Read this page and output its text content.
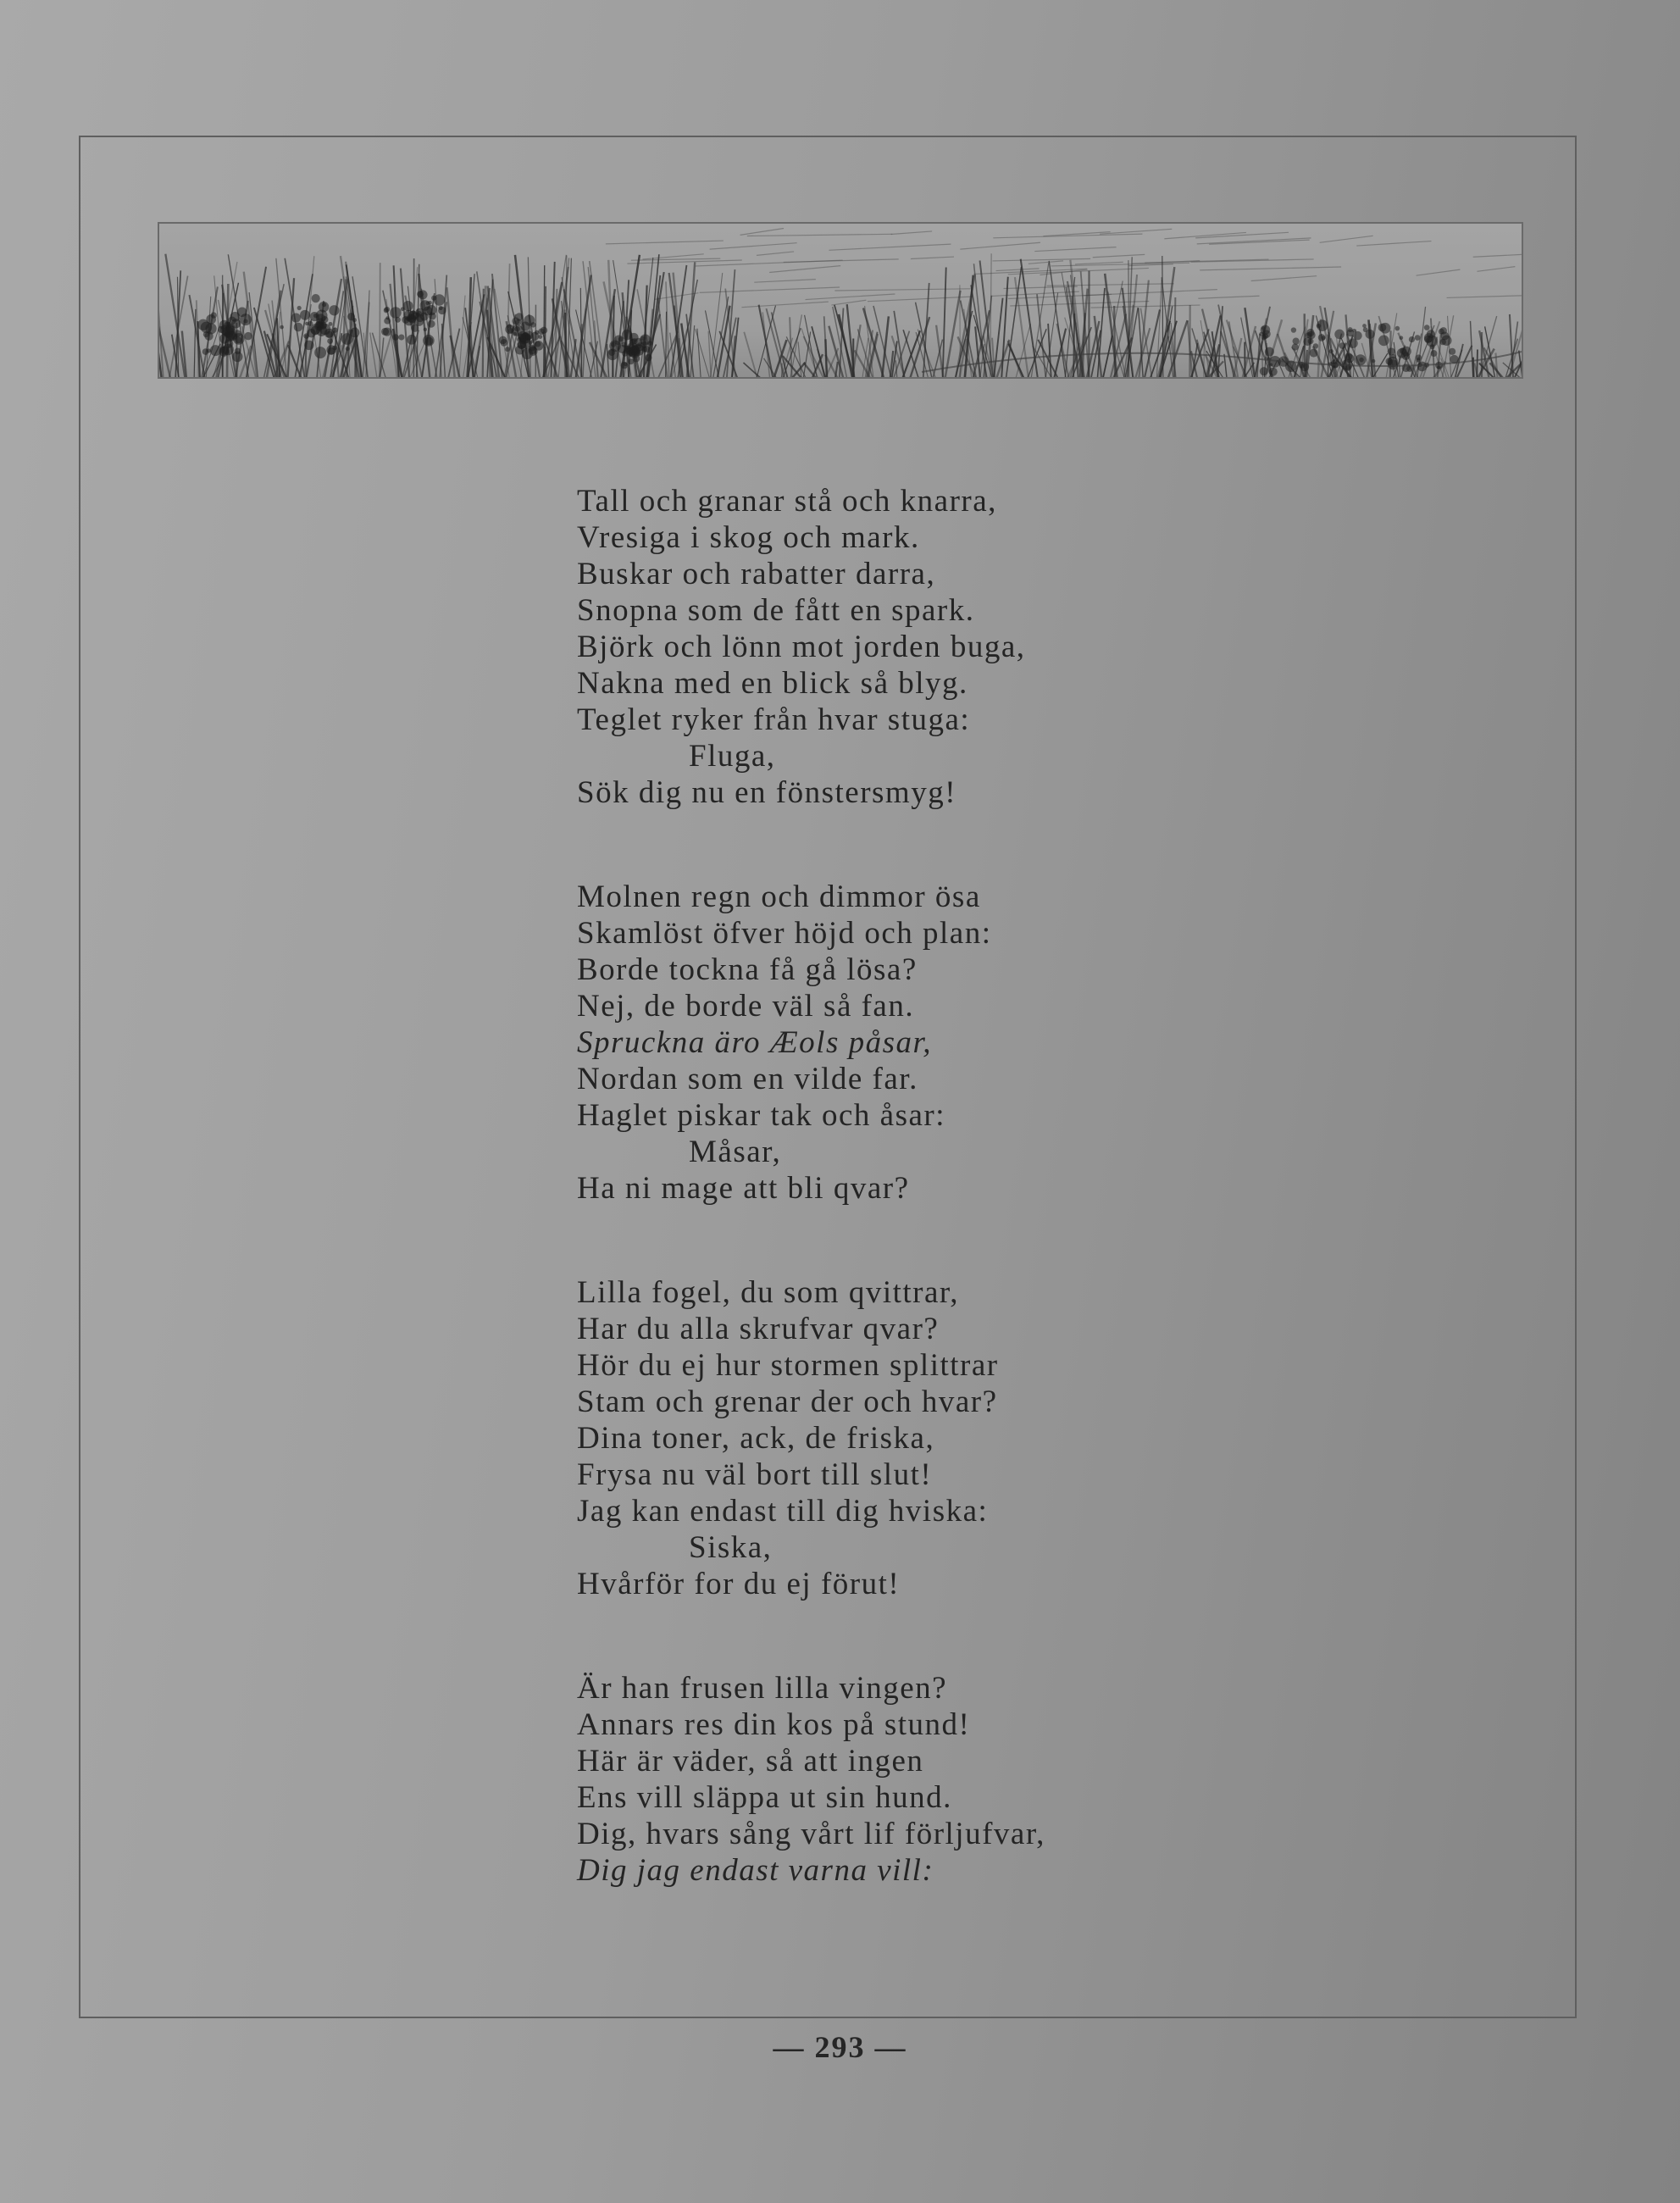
Tall och granar stå och knarra,
Vresiga i skog och mark.
Buskar och rabatter darra,
Snopna som de fått en spark.
Björk och lönn mot jorden buga,
Nakna med en blick så blyg.
Teglet ryker från hvar stuga:
Fluga,
Sök dig nu en fönstersmyg!
Molnen regn och dimmor ösa
Skamlöst öfver höjd och plan:
Borde tockna få gå lösa?
Nej, de borde väl så fan.
Spruckna äro Æols påsar,
Nordan som en vilde far.
Haglet piskar tak och åsar:
Måsar,
Ha ni mage att bli qvar?
Lilla fogel, du som qvittrar,
Har du alla skrufvar qvar?
Hör du ej hur stormen splittrar
Stam och grenar der och hvar?
Dina toner, ack, de friska,
Frysa nu väl bort till slut!
Jag kan endast till dig hviska:
Siska,
Hvårför for du ej förut!
Är han frusen lilla vingen?
Annars res din kos på stund!
Här är väder, så att ingen
Ens vill släppa ut sin hund.
Dig, hvars sång vårt lif förljufvar,
Dig jag endast varna vill:
— 293 —
